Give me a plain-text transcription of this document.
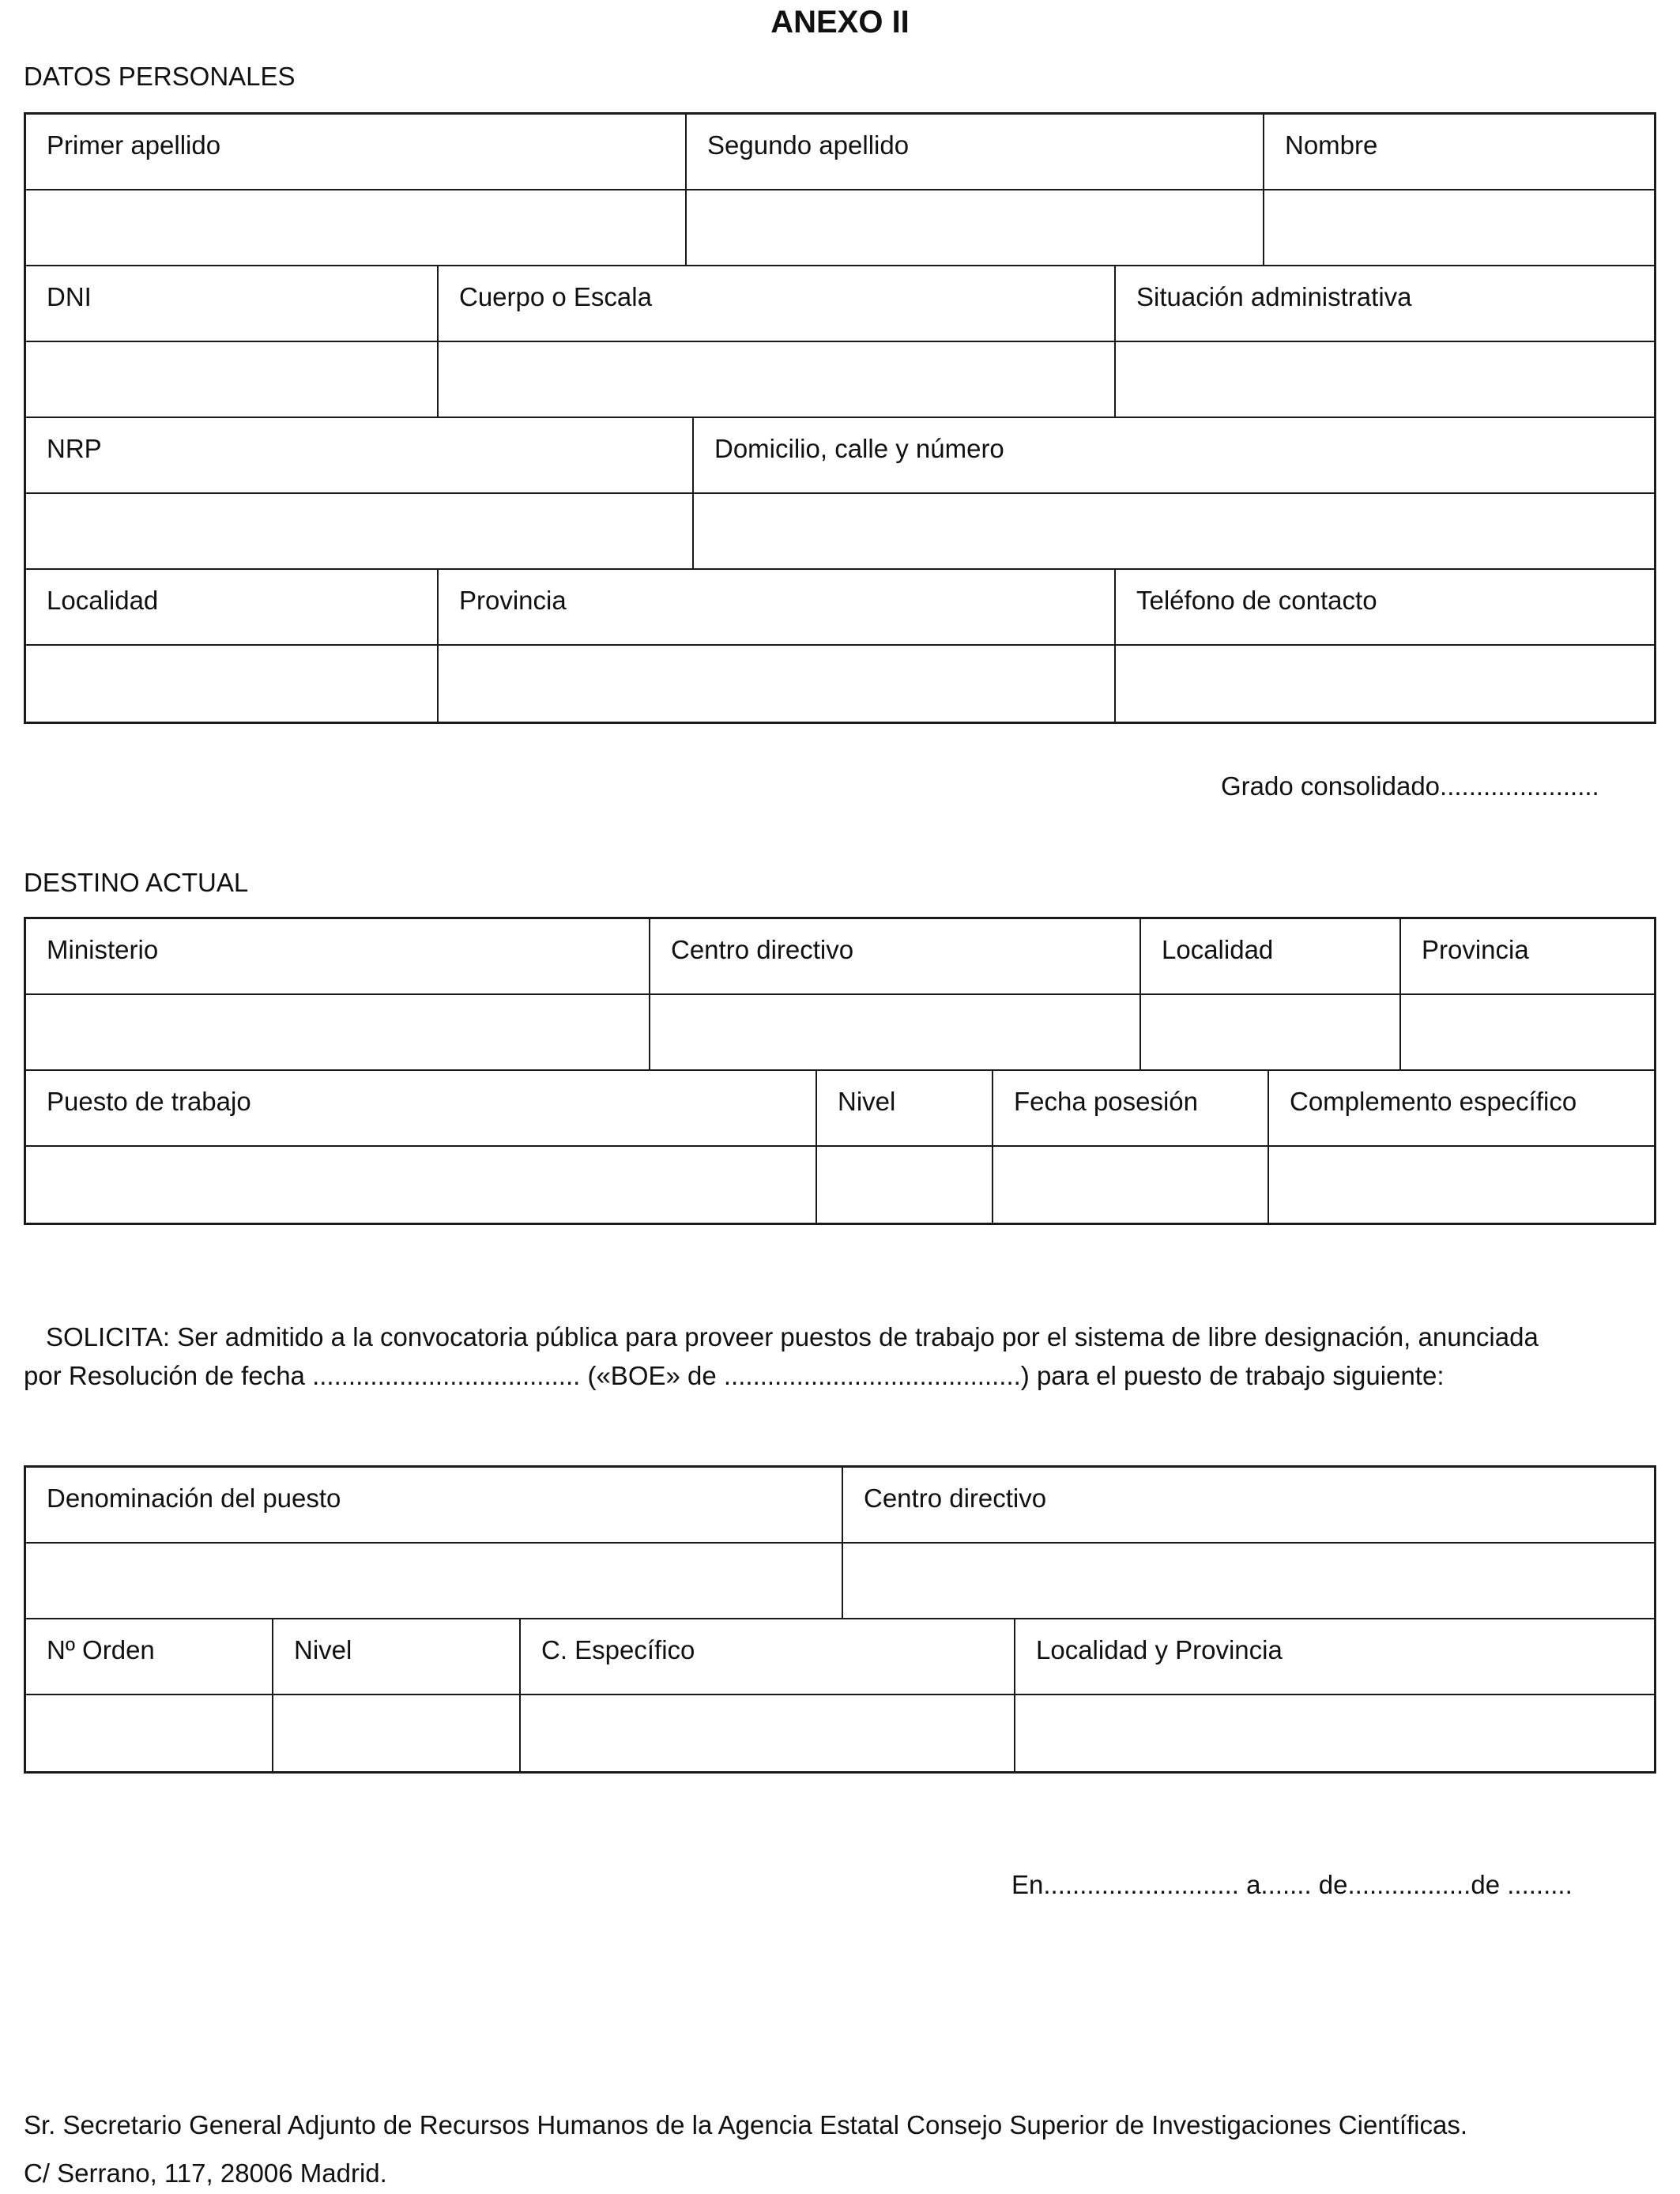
ANEXO II
DATOS PERSONALES
Primer apellido	Segundo apellido	Nombre
DNI	Cuerpo o Escala	Situación administrativa
NRP	Domicilio, calle y número
Localidad	Provincia	Teléfono de contacto
Grado consolidado......................
DESTINO ACTUAL
Ministerio	Centro directivo	Localidad	Provincia
Puesto de trabajo	Nivel	Fecha posesión	Complemento específico
SOLICITA: Ser admitido a la convocatoria pública para proveer puestos de trabajo por el sistema de libre designación, anunciada
por Resolución de fecha ..................................... («BOE» de .........................................) para el puesto de trabajo siguiente:
Denominación del puesto	Centro directivo
Nº Orden	Nivel	C. Específico	Localidad y Provincia
En........................... a....... de.................de .........
Sr. Secretario General Adjunto de Recursos Humanos de la Agencia Estatal Consejo Superior de Investigaciones Científicas.
C/ Serrano, 117, 28006 Madrid.
